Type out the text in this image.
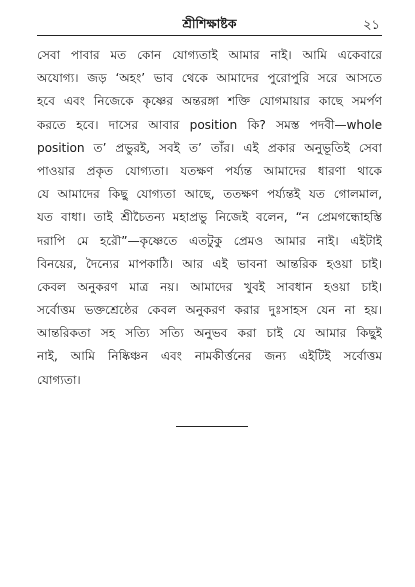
শ্রীশিক্ষাষ্টক	২১
সেবা পাবার মত কোন যোগ্যতাই আমার নাই। আমি একেবারে
অযোগ্য। জড় ‘অহং’ ভাব থেকে আমাদের পুরোপুরি সরে আসতে
হবে এবং নিজেকে কৃষ্ণের অন্তরঙ্গা শক্তি যোগমায়ার কাছে সমর্পণ
করতে হবে। দাসের আবার position কি? সমস্ত পদবী—whole
position ত’ প্রভুরই, সবই ত’ তাঁর। এই প্রকার অনুভূতিই সেবা
পাওয়ার প্রকৃত যোগ্যতা। যতক্ষণ পর্য্যন্ত আমাদের ধারণা থাকে
যে আমাদের কিছু যোগ্যতা আছে, ততক্ষণ পর্য্যন্তই যত গোলমাল,
যত বাধা। তাই শ্রীচৈতন্য মহাপ্রভু নিজেই বলেন, “ন প্রেমগন্ধোহস্তি
দরাপি মে হরৌ”—কৃষ্ণেতে এতটুকু প্রেমও আমার নাই। এইটাই
বিনয়ের, দৈন্যের মাপকাঠি। আর এই ভাবনা আন্তরিক হওয়া চাই।
কেবল অনুকরণ মাত্র নয়। আমাদের খুবই সাবধান হওয়া চাই।
সর্বোত্তম ভক্তশ্রেষ্ঠের কেবল অনুকরণ করার দুঃসাহস যেন না হয়।
আন্তরিকতা সহ সত্যি সত্যি অনুভব করা চাই যে আমার কিছুই
নাই, আমি নিষ্কিঞ্চন এবং নামকীর্ত্তনের জন্য এইটিই সর্বোত্তম
যোগ্যতা।
